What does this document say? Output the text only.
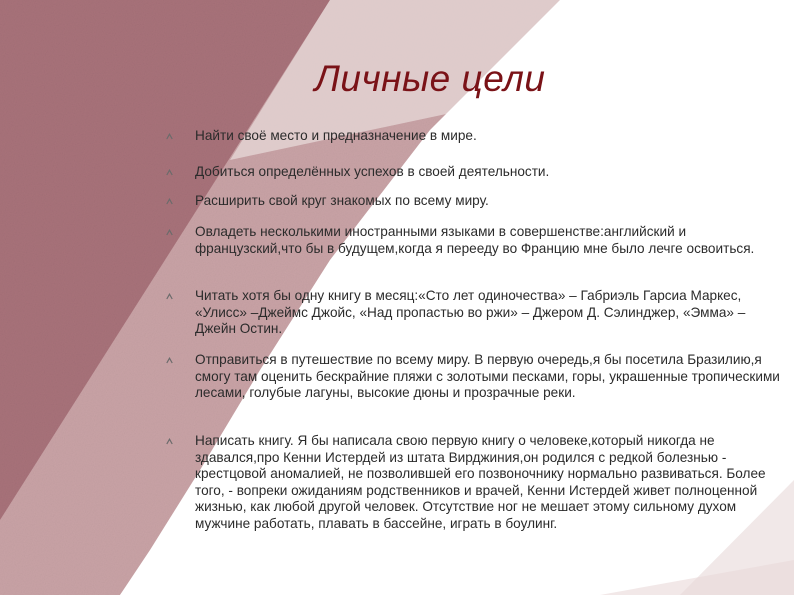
Личные цели
Найти своё место и предназначение в мире.
Добиться определённых успехов в своей деятельности.
Расширить свой круг знакомых по всему миру.
Овладеть несколькими иностранными языками в совершенстве:английский и французский,что бы в будущем,когда я перееду во Францию мне было лечге освоиться.
Читать хотя бы одну книгу в месяц:«Сто лет одиночества» – Габриэль Гарсиа Маркес, «Улисс» –Джеймс Джойс, «Над пропастью во ржи» – Джером Д. Сэлинджер, «Эмма» – Джейн Остин.
Отправиться в путешествие по всему миру. В первую очередь,я бы посетила Бразилию,я смогу там оценить бескрайние пляжи с золотыми песками, горы, украшенные тропическими лесами, голубые лагуны, высокие дюны и прозрачные реки.
Написать книгу. Я бы написала свою первую книгу о человеке,который никогда не здавался,про Кенни Истердей из штата Вирджиния,он родился с редкой болезнью - крестцовой аномалией, не позволившей его позвоночнику нормально развиваться. Более того, - вопреки ожиданиям родственников и врачей, Кенни Истердей живет полноценной жизнью, как любой другой человек. Отсутствие ног не мешает этому сильному духом мужчине работать, плавать в бассейне, играть в боулинг.
